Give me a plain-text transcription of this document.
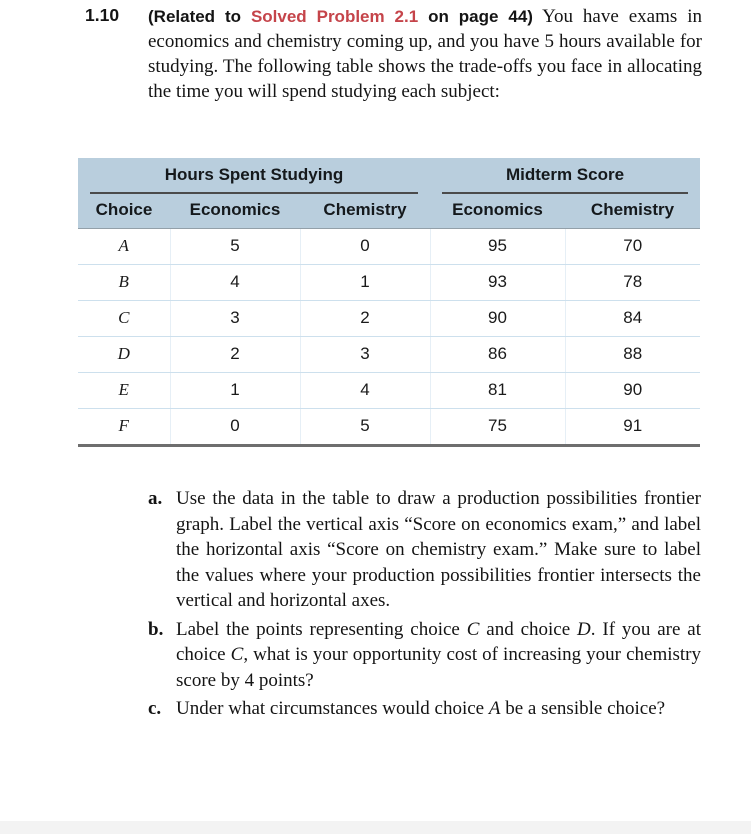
1.10 (Related to Solved Problem 2.1 on page 44) You have exams in economics and chemistry coming up, and you have 5 hours available for studying. The following table shows the trade-offs you face in allocating the time you will spend studying each subject:

Hours Spent Studying			Midterm Score	

Choice	Economics	Chemistry	Economics	Chemistry
A	5	0	95	70
B	4	1	93	78
C	3	2	90	84
D	2	3	86	88
E	1	4	81	90
F	0	5	75	91
a. Use the data in the table to draw a production possibilities frontier graph. Label the vertical axis “Score on economics exam,” and label the horizontal axis “Score on chemistry exam.” Make sure to label the values where your production possibilities frontier intersects the vertical and horizontal axes.
b. Label the points representing choice C and choice D. If you are at choice C, what is your opportunity cost of increasing your chemistry score by 4 points?
c. Under what circumstances would choice A be a sensible choice?
